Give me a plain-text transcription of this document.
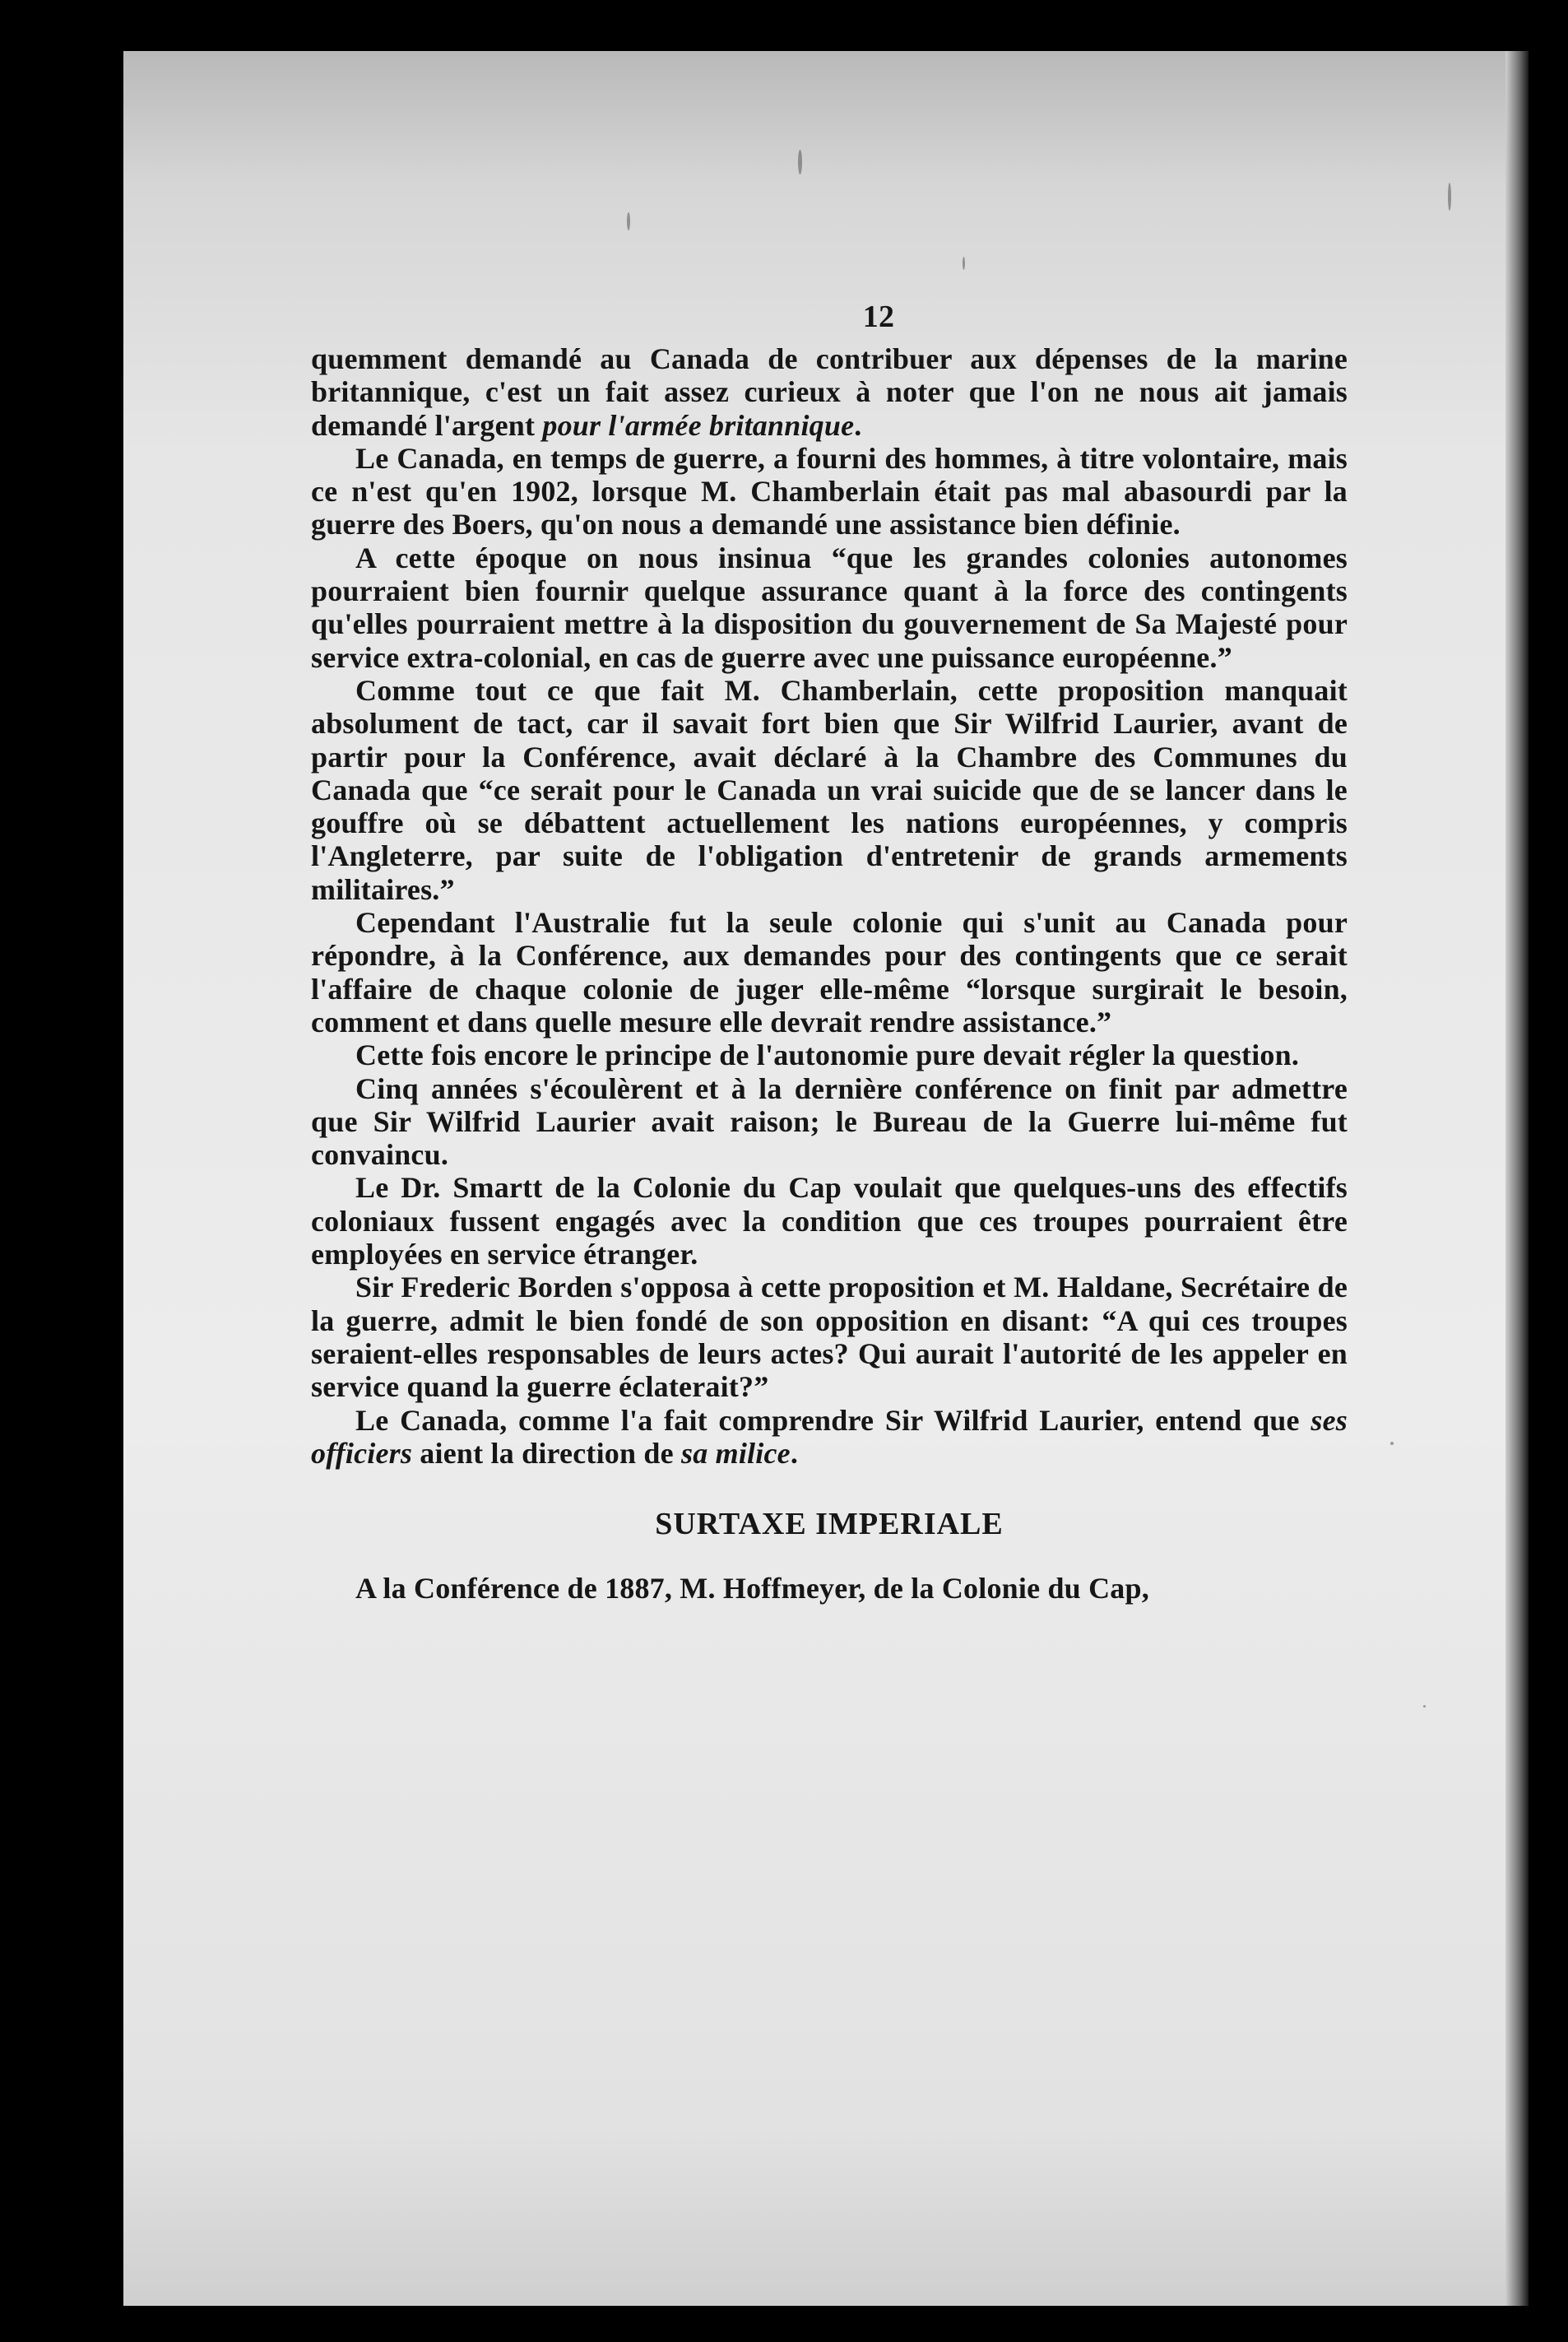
12

quemment demandé au Canada de contribuer aux dépenses de la marine britannique, c'est un fait assez curieux à noter que l'on ne nous ait jamais demandé l'argent pour l'armée britannique.

Le Canada, en temps de guerre, a fourni des hommes, à titre volontaire, mais ce n'est qu'en 1902, lorsque M. Chamberlain était pas mal abasourdi par la guerre des Boers, qu'on nous a demandé une assistance bien définie.

A cette époque on nous insinua “que les grandes colonies autonomes pourraient bien fournir quelque assurance quant à la force des contingents qu'elles pourraient mettre à la disposition du gouvernement de Sa Majesté pour service extra-colonial, en cas de guerre avec une puissance européenne.”

Comme tout ce que fait M. Chamberlain, cette proposition manquait absolument de tact, car il savait fort bien que Sir Wilfrid Laurier, avant de partir pour la Conférence, avait déclaré à la Chambre des Communes du Canada que “ce serait pour le Canada un vrai suicide que de se lancer dans le gouffre où se débattent actuellement les nations européennes, y compris l'Angleterre, par suite de l'obligation d'entretenir de grands armements militaires.”

Cependant l'Australie fut la seule colonie qui s'unit au Canada pour répondre, à la Conférence, aux demandes pour des contingents que ce serait l'affaire de chaque colonie de juger elle-même “lorsque surgirait le besoin, comment et dans quelle mesure elle devrait rendre assistance.”

Cette fois encore le principe de l'autonomie pure devait régler la question.

Cinq années s'écoulèrent et à la dernière conférence on finit par admettre que Sir Wilfrid Laurier avait raison; le Bureau de la Guerre lui-même fut convaincu.

Le Dr. Smartt de la Colonie du Cap voulait que quelques-uns des effectifs coloniaux fussent engagés avec la condition que ces troupes pourraient être employées en service étranger.

Sir Frederic Borden s'opposa à cette proposition et M. Haldane, Secrétaire de la guerre, admit le bien fondé de son opposition en disant: “A qui ces troupes seraient-elles responsables de leurs actes? Qui aurait l'autorité de les appeler en service quand la guerre éclaterait?”

Le Canada, comme l'a fait comprendre Sir Wilfrid Laurier, entend que ses officiers aient la direction de sa milice.

SURTAXE IMPERIALE

A la Conférence de 1887, M. Hoffmeyer, de la Colonie du Cap,
